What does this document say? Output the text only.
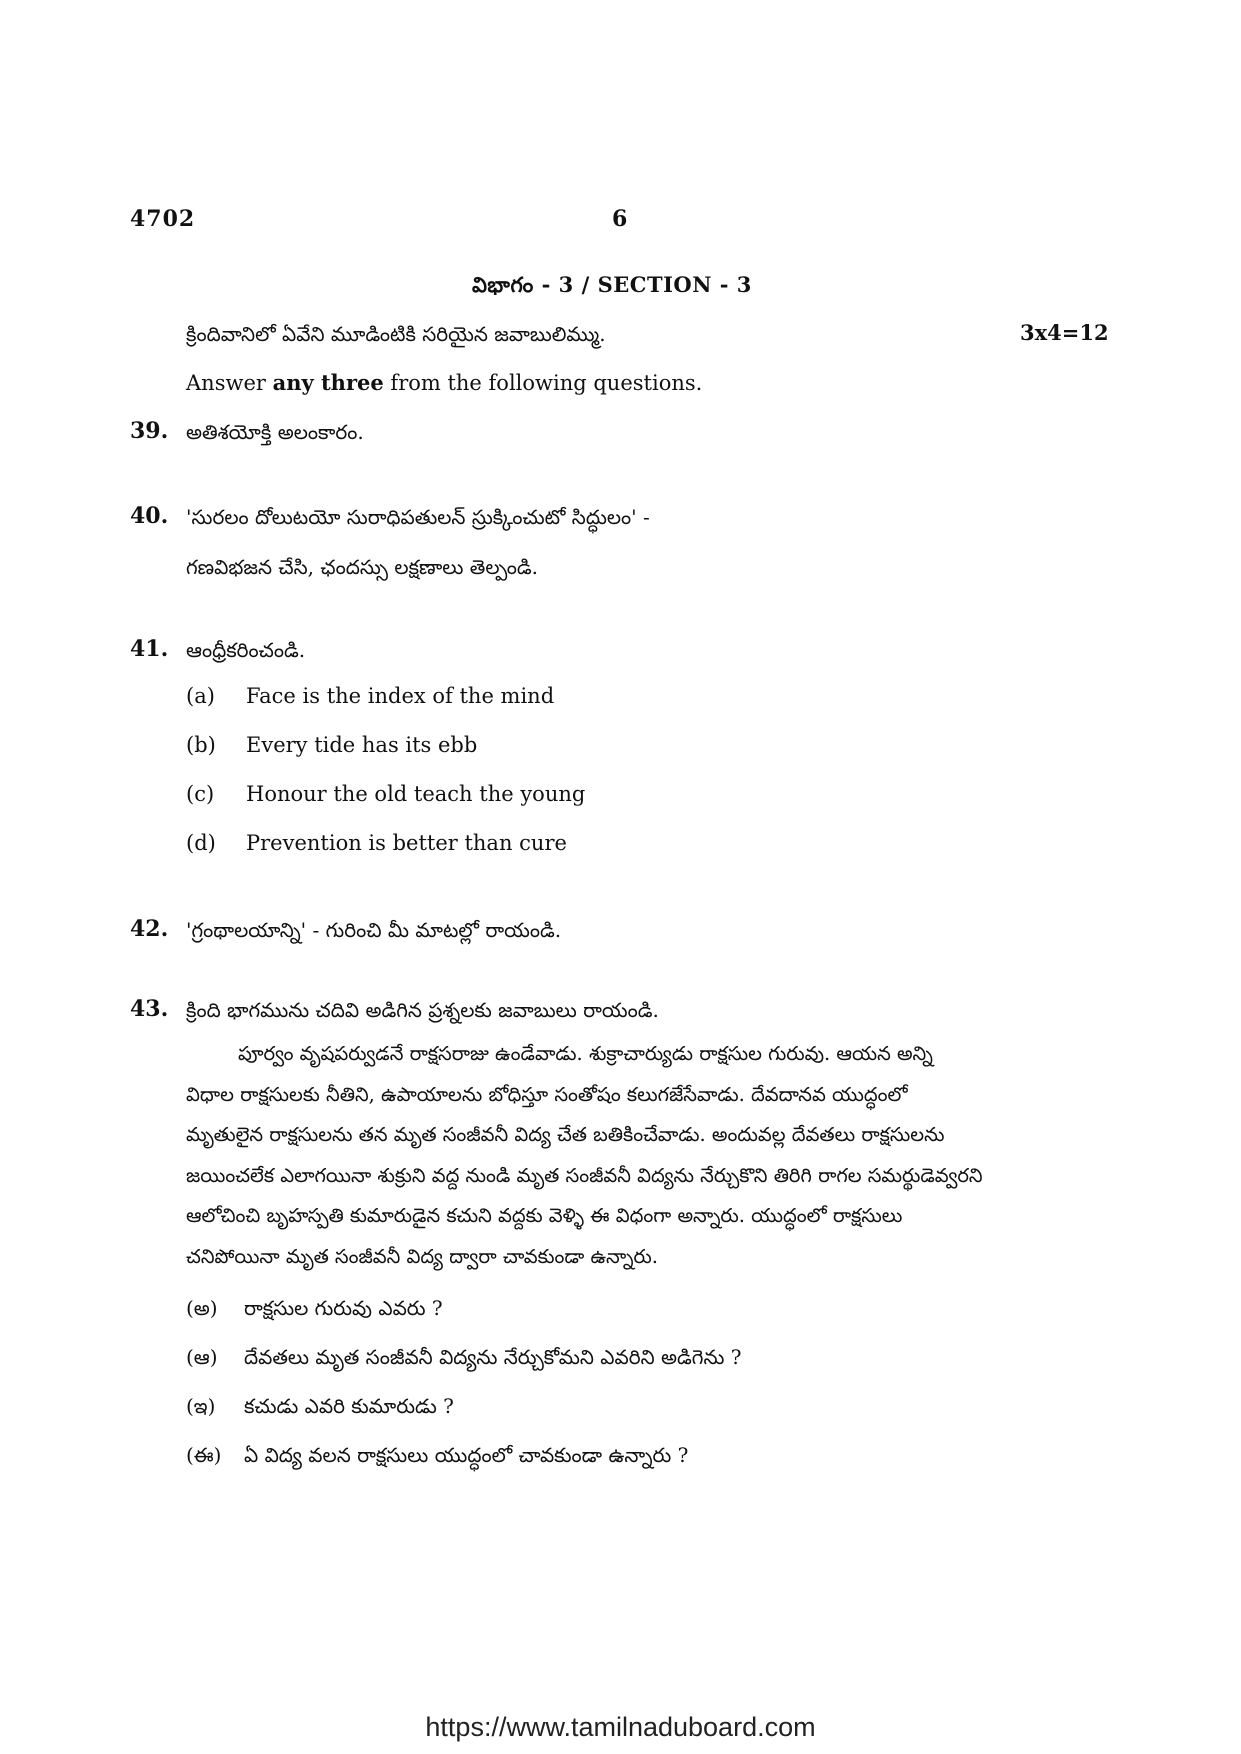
4702	6
విభాగం - 3 / SECTION - 3
క్రిందివానిలో ఏవేని మూడింటికి సరియైన జవాబులిమ్ము.	3x4=12
Answer any three from the following questions.
39. అతిశయోక్తి అలంకారం.
40. 'సురలం దోలుటయో సురాధిపతులన్ స్రుక్కించుటో సిద్ధులం' -
గణవిభజన చేసి, ఛందస్సు లక్షణాలు తెల్పండి.
41. ఆంధ్రీకరించండి.
(a) Face is the index of the mind
(b) Every tide has its ebb
(c) Honour the old teach the young
(d) Prevention is better than cure
42. 'గ్రంథాలయాన్ని' - గురించి మీ మాటల్లో రాయండి.
43. క్రింది భాగమును చదివి అడిగిన ప్రశ్నలకు జవాబులు రాయండి.
పూర్వం వృషపర్వుడనే రాక్షసరాజు ఉండేవాడు. శుక్రాచార్యుడు రాక్షసుల గురువు. ఆయన అన్ని
విధాల రాక్షసులకు నీతిని, ఉపాయాలను బోధిస్తూ సంతోషం కలుగజేసేవాడు. దేవదానవ యుద్ధంలో
మృతులైన రాక్షసులను తన మృత సంజీవనీ విద్య చేత బతికించేవాడు. అందువల్ల దేవతలు రాక్షసులను
జయించలేక ఎలాగయినా శుక్రుని వద్ద నుండి మృత సంజీవనీ విద్యను నేర్చుకొని తిరిగి రాగల సమర్థుడెవ్వరని
ఆలోచించి బృహస్పతి కుమారుడైన కచుని వద్దకు వెళ్ళి ఈ విధంగా అన్నారు. యుద్ధంలో రాక్షసులు
చనిపోయినా మృత సంజీవనీ విద్య ద్వారా చావకుండా ఉన్నారు.
(అ) రాక్షసుల గురువు ఎవరు ?
(ఆ) దేవతలు మృత సంజీవనీ విద్యను నేర్చుకోమని ఎవరిని అడిగెను ?
(ఇ) కచుడు ఎవరి కుమారుడు ?
(ఈ) ఏ విద్య వలన రాక్షసులు యుద్ధంలో చావకుండా ఉన్నారు ?
https://www.tamilnaduboard.com
